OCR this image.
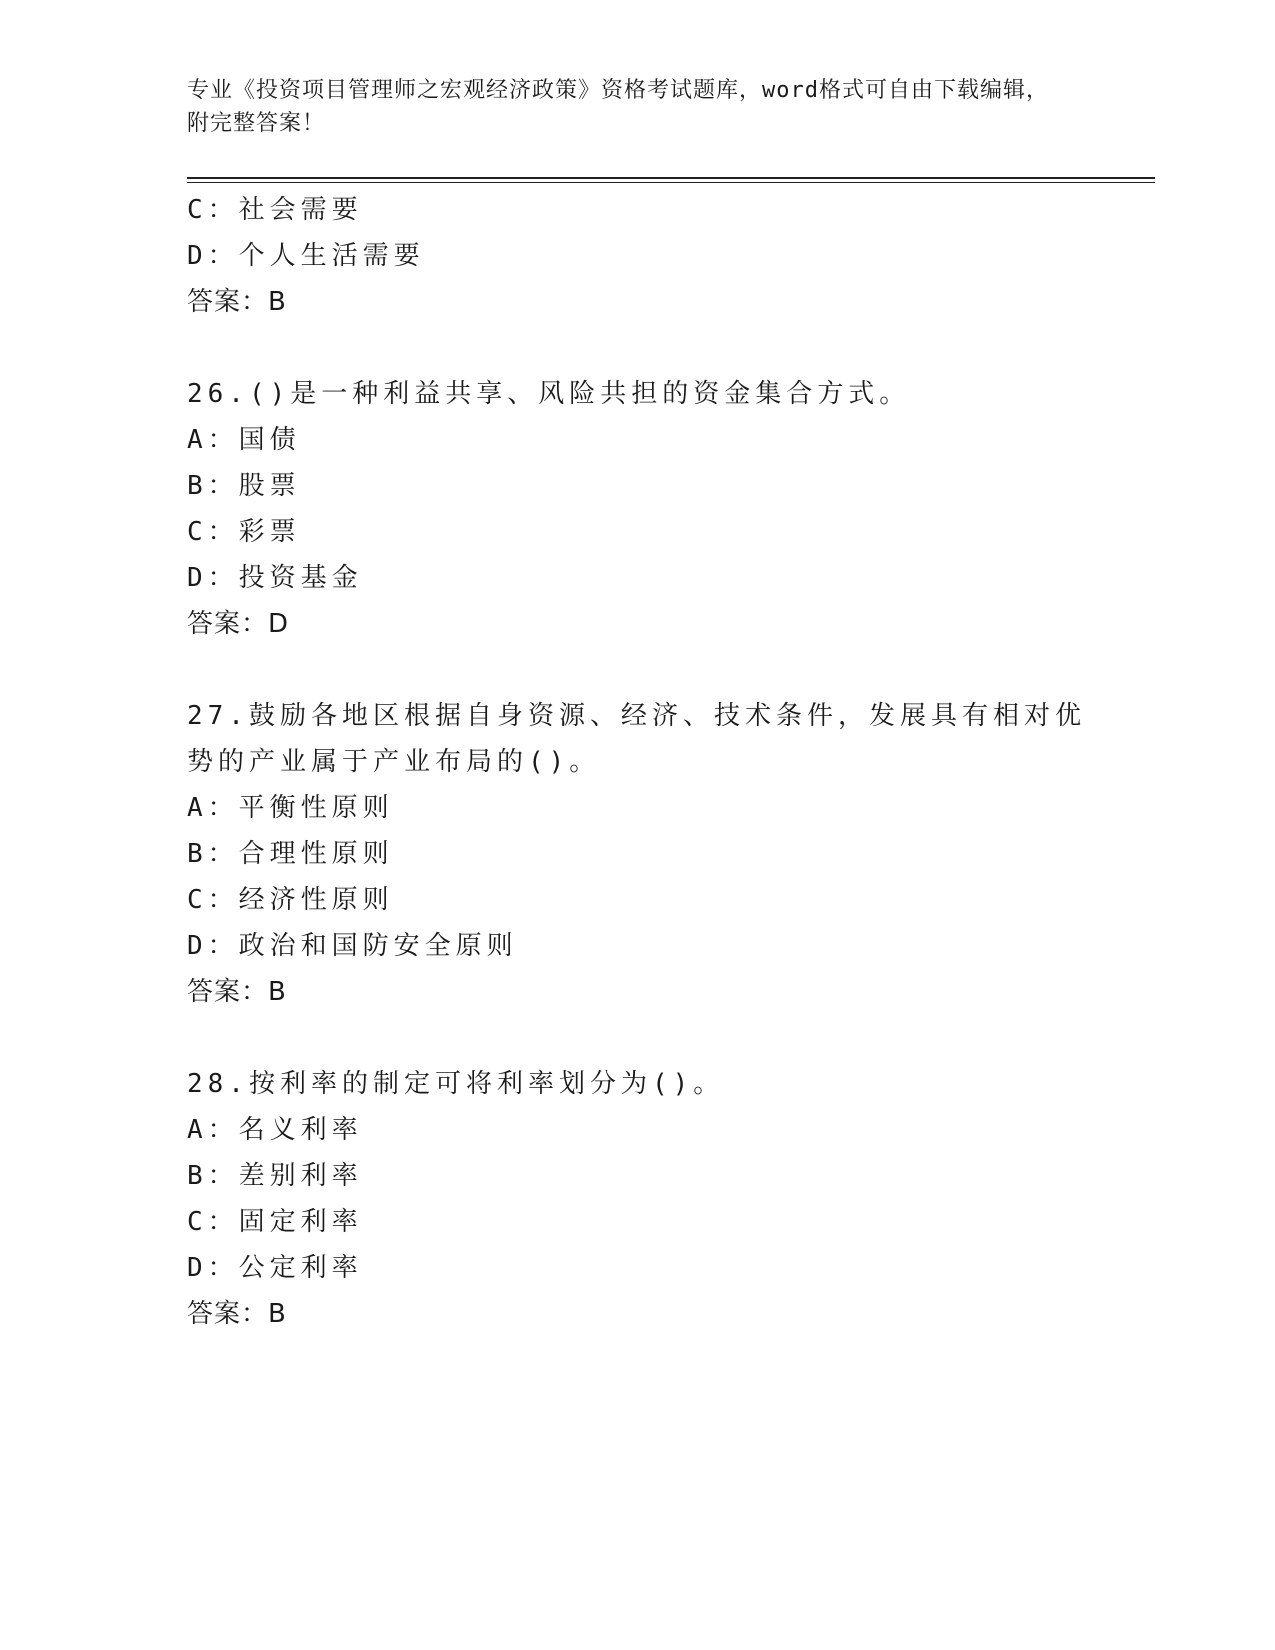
专业《投资项目管理师之宏观经济政策》资格考试题库，word格式可自由下载编辑，附完整答案！
C：社会需要
D：个人生活需要
答案：B
26.()是一种利益共享、风险共担的资金集合方式。
A：国债
B：股票
C：彩票
D：投资基金
答案：D
27.鼓励各地区根据自身资源、经济、技术条件，发展具有相对优势的产业属于产业布局的()。
A：平衡性原则
B：合理性原则
C：经济性原则
D：政治和国防安全原则
答案：B
28.按利率的制定可将利率划分为()。
A：名义利率
B：差别利率
C：固定利率
D：公定利率
答案：B
